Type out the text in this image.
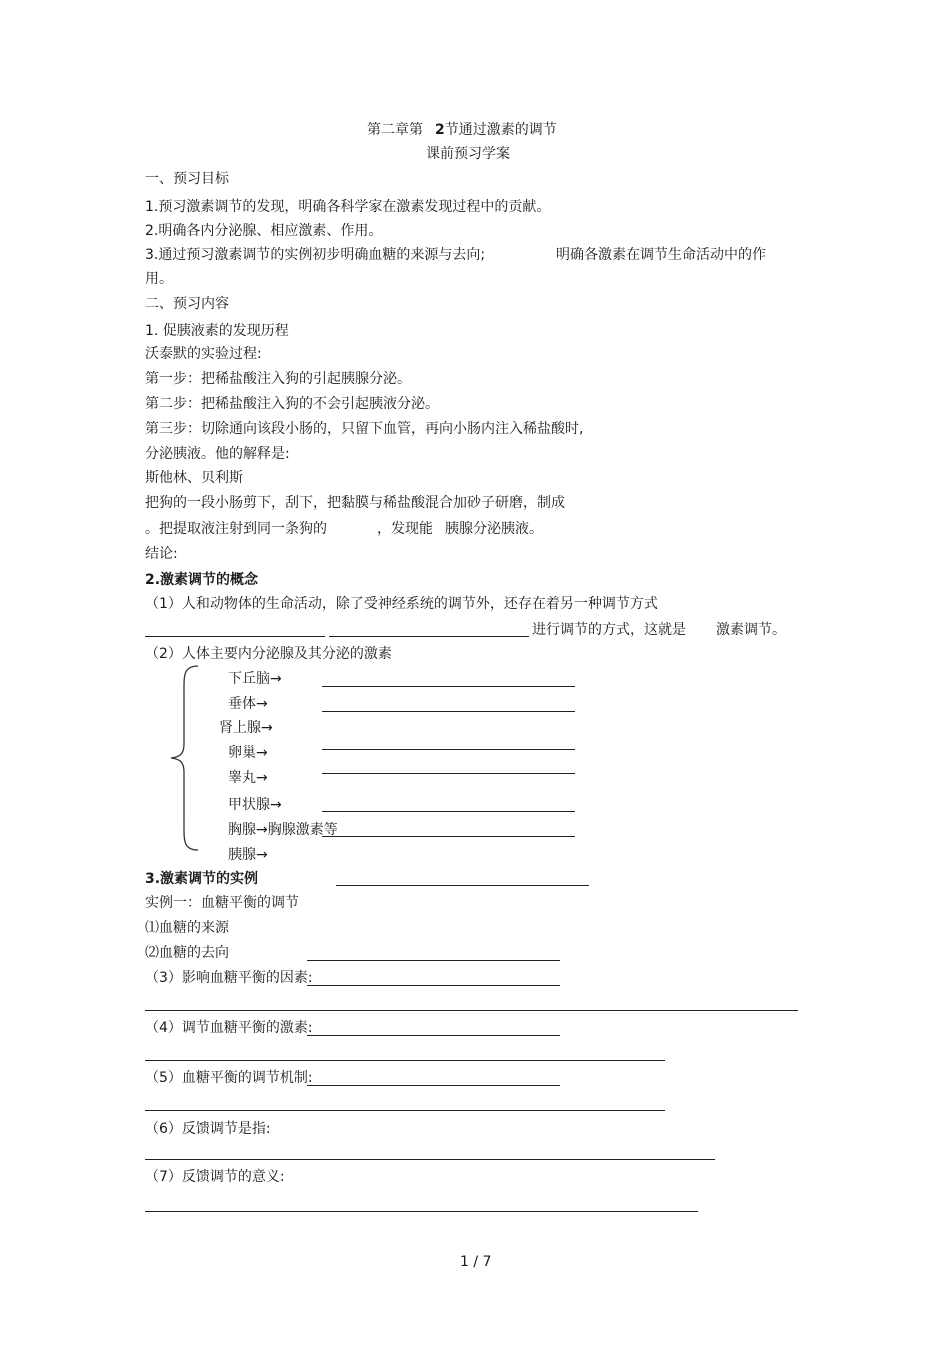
第二章第 2节通过激素的调节
课前预习学案
一、预习目标
1.预习激素调节的发现，明确各科学家在激素发现过程中的贡献。
2.明确各内分泌腺、相应激素、作用。
3.通过预习激素调节的实例初步明确血糖的来源与去向;	明确各激素在调节生命活动中的作
用。
二、预习内容
1. 促胰液素的发现历程
沃泰默的实验过程:
第一步：把稀盐酸注入狗的引起胰腺分泌。
第二步：把稀盐酸注入狗的不会引起胰液分泌。
第三步：切除通向该段小肠的，只留下血管，再向小肠内注入稀盐酸时,
分泌胰液。他的解释是:
斯他林、贝利斯
把狗的一段小肠剪下，刮下，把黏膜与稀盐酸混合加砂子研磨，制成
。把提取液注射到同一条狗的	，发现能 胰腺分泌胰液。
结论:
2.激素调节的概念
（1）人和动物体的生命活动，除了受神经系统的调节外，还存在着另一种调节方式
进行调节的方式，这就是 激素调节。
（2）人体主要内分泌腺及其分泌的激素
下丘脑→
垂体→
肾上腺→
卵巢→
睾丸→
甲状腺→
胸腺→胸腺激素等
胰腺→
3.激素调节的实例
实例一：血糖平衡的调节
⑴血糖的来源
⑵血糖的去向
（3）影响血糖平衡的因素:
（4）调节血糖平衡的激素:
（5）血糖平衡的调节机制:
（6）反馈调节是指:
（7）反馈调节的意义:
1 / 7
